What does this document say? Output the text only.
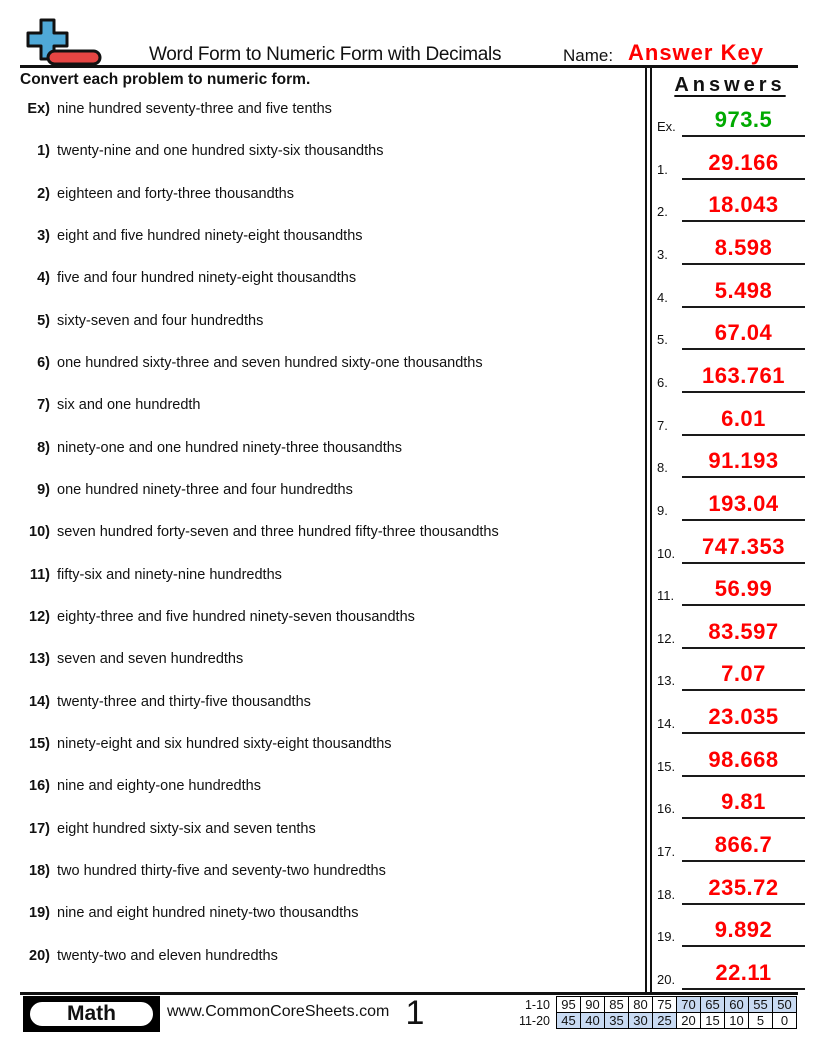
Word Form to Numeric Form with Decimals	Name: Answer Key
Convert each problem to numeric form.	Answers
Ex) nine hundred seventy-three and five tenths
1) twenty-nine and one hundred sixty-six thousandths
2) eighteen and forty-three thousandths
3) eight and five hundred ninety-eight thousandths
4) five and four hundred ninety-eight thousandths
5) sixty-seven and four hundredths
6) one hundred sixty-three and seven hundred sixty-one thousandths
7) six and one hundredth
8) ninety-one and one hundred ninety-three thousandths
9) one hundred ninety-three and four hundredths
10) seven hundred forty-seven and three hundred fifty-three thousandths
11) fifty-six and ninety-nine hundredths
12) eighty-three and five hundred ninety-seven thousandths
13) seven and seven hundredths
14) twenty-three and thirty-five thousandths
15) ninety-eight and six hundred sixty-eight thousandths
16) nine and eighty-one hundredths
17) eight hundred sixty-six and seven tenths
18) two hundred thirty-five and seventy-two hundredths
19) nine and eight hundred ninety-two thousandths
20) twenty-two and eleven hundredths
Ex. 973.5
1. 29.166
2. 18.043
3. 8.598
4. 5.498
5. 67.04
6. 163.761
7. 6.01
8. 91.193
9. 193.04
10. 747.353
11. 56.99
12. 83.597
13. 7.07
14. 23.035
15. 98.668
16. 9.81
17. 866.7
18. 235.72
19. 9.892
20. 22.11
Math	www.CommonCoreSheets.com 1	1-10	95	90	85	80	75	70	65	60	55	50
11-20	45	40	35	30	25	20	15	10	5	0
